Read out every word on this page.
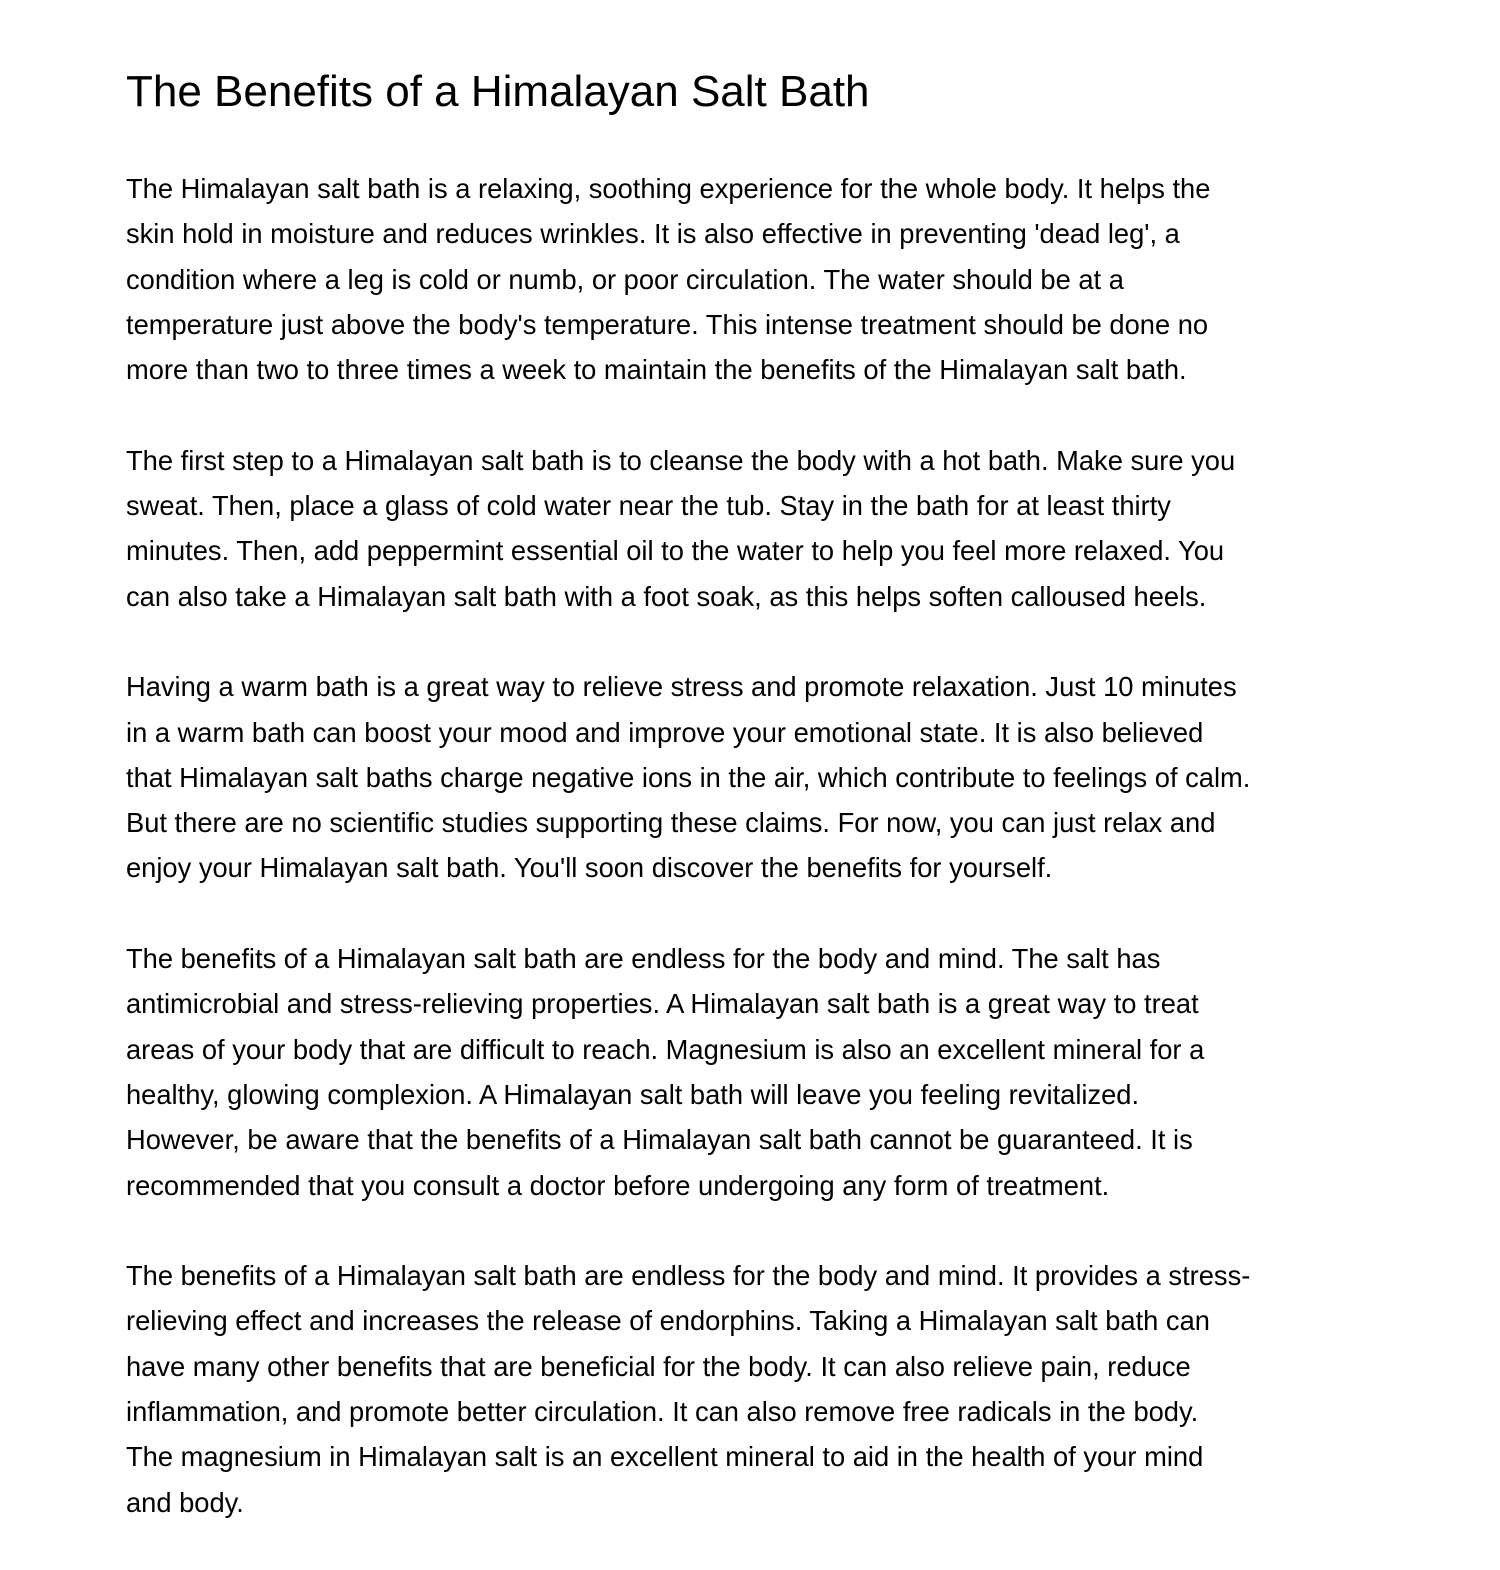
The Benefits of a Himalayan Salt Bath
The Himalayan salt bath is a relaxing, soothing experience for the whole body. It helps the
skin hold in moisture and reduces wrinkles. It is also effective in preventing 'dead leg', a
condition where a leg is cold or numb, or poor circulation. The water should be at a
temperature just above the body's temperature. This intense treatment should be done no
more than two to three times a week to maintain the benefits of the Himalayan salt bath.
The first step to a Himalayan salt bath is to cleanse the body with a hot bath. Make sure you
sweat. Then, place a glass of cold water near the tub. Stay in the bath for at least thirty
minutes. Then, add peppermint essential oil to the water to help you feel more relaxed. You
can also take a Himalayan salt bath with a foot soak, as this helps soften calloused heels.
Having a warm bath is a great way to relieve stress and promote relaxation. Just 10 minutes
in a warm bath can boost your mood and improve your emotional state. It is also believed
that Himalayan salt baths charge negative ions in the air, which contribute to feelings of calm.
But there are no scientific studies supporting these claims. For now, you can just relax and
enjoy your Himalayan salt bath. You'll soon discover the benefits for yourself.
The benefits of a Himalayan salt bath are endless for the body and mind. The salt has
antimicrobial and stress-relieving properties. A Himalayan salt bath is a great way to treat
areas of your body that are difficult to reach. Magnesium is also an excellent mineral for a
healthy, glowing complexion. A Himalayan salt bath will leave you feeling revitalized.
However, be aware that the benefits of a Himalayan salt bath cannot be guaranteed. It is
recommended that you consult a doctor before undergoing any form of treatment.
The benefits of a Himalayan salt bath are endless for the body and mind. It provides a stress-
relieving effect and increases the release of endorphins. Taking a Himalayan salt bath can
have many other benefits that are beneficial for the body. It can also relieve pain, reduce
inflammation, and promote better circulation. It can also remove free radicals in the body.
The magnesium in Himalayan salt is an excellent mineral to aid in the health of your mind
and body.
